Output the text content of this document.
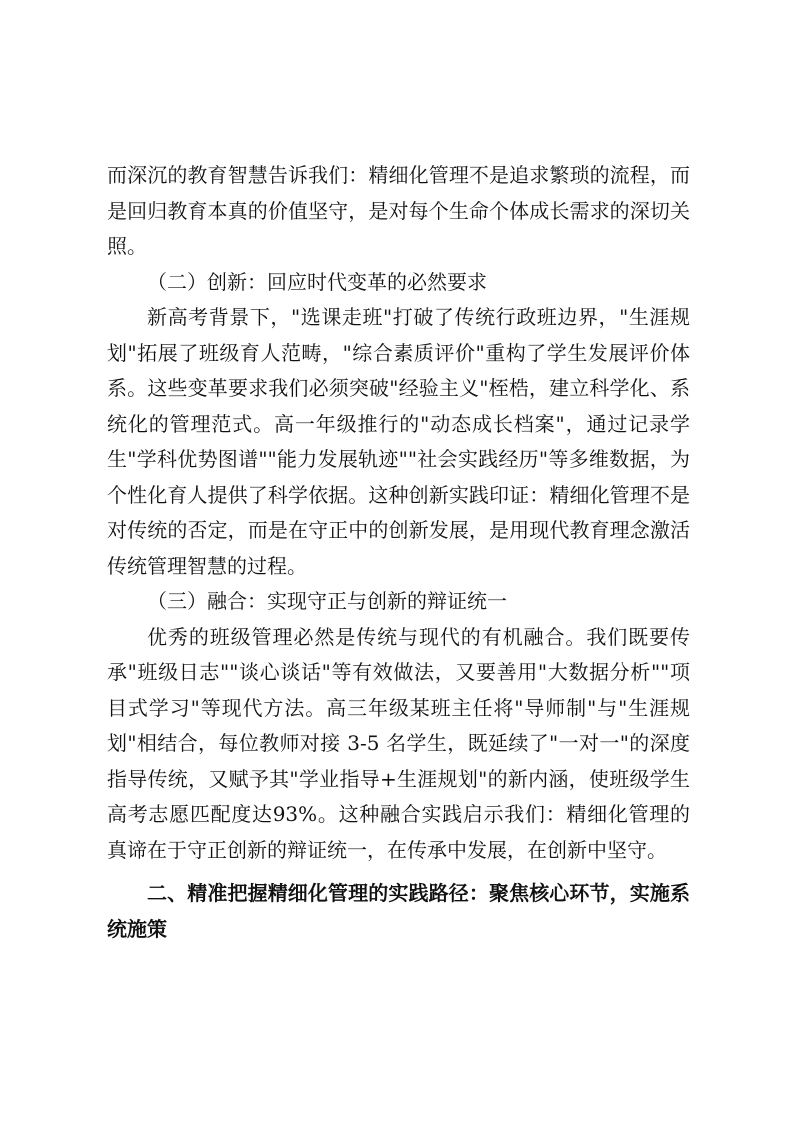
而深沉的教育智慧告诉我们：精细化管理不是追求繁琐的流程，而是回归教育本真的价值坚守，是对每个生命个体成长需求的深切关照。

（二）创新：回应时代变革的必然要求

新高考背景下，"选课走班"打破了传统行政班边界，"生涯规划"拓展了班级育人范畴，"综合素质评价"重构了学生发展评价体系。这些变革要求我们必须突破"经验主义"桎梏，建立科学化、系统化的管理范式。高一年级推行的"动态成长档案"，通过记录学生"学科优势图谱""能力发展轨迹""社会实践经历"等多维数据，为个性化育人提供了科学依据。这种创新实践印证：精细化管理不是对传统的否定，而是在守正中的创新发展，是用现代教育理念激活传统管理智慧的过程。

（三）融合：实现守正与创新的辩证统一

优秀的班级管理必然是传统与现代的有机融合。我们既要传承"班级日志""谈心谈话"等有效做法，又要善用"大数据分析""项目式学习"等现代方法。高三年级某班主任将"导师制"与"生涯规划"相结合，每位教师对接 3-5 名学生，既延续了"一对一"的深度指导传统，又赋予其"学业指导+生涯规划"的新内涵，使班级学生高考志愿匹配度达93%。这种融合实践启示我们：精细化管理的真谛在于守正创新的辩证统一，在传承中发展，在创新中坚守。

二、精准把握精细化管理的实践路径：聚焦核心环节，实施系统施策
